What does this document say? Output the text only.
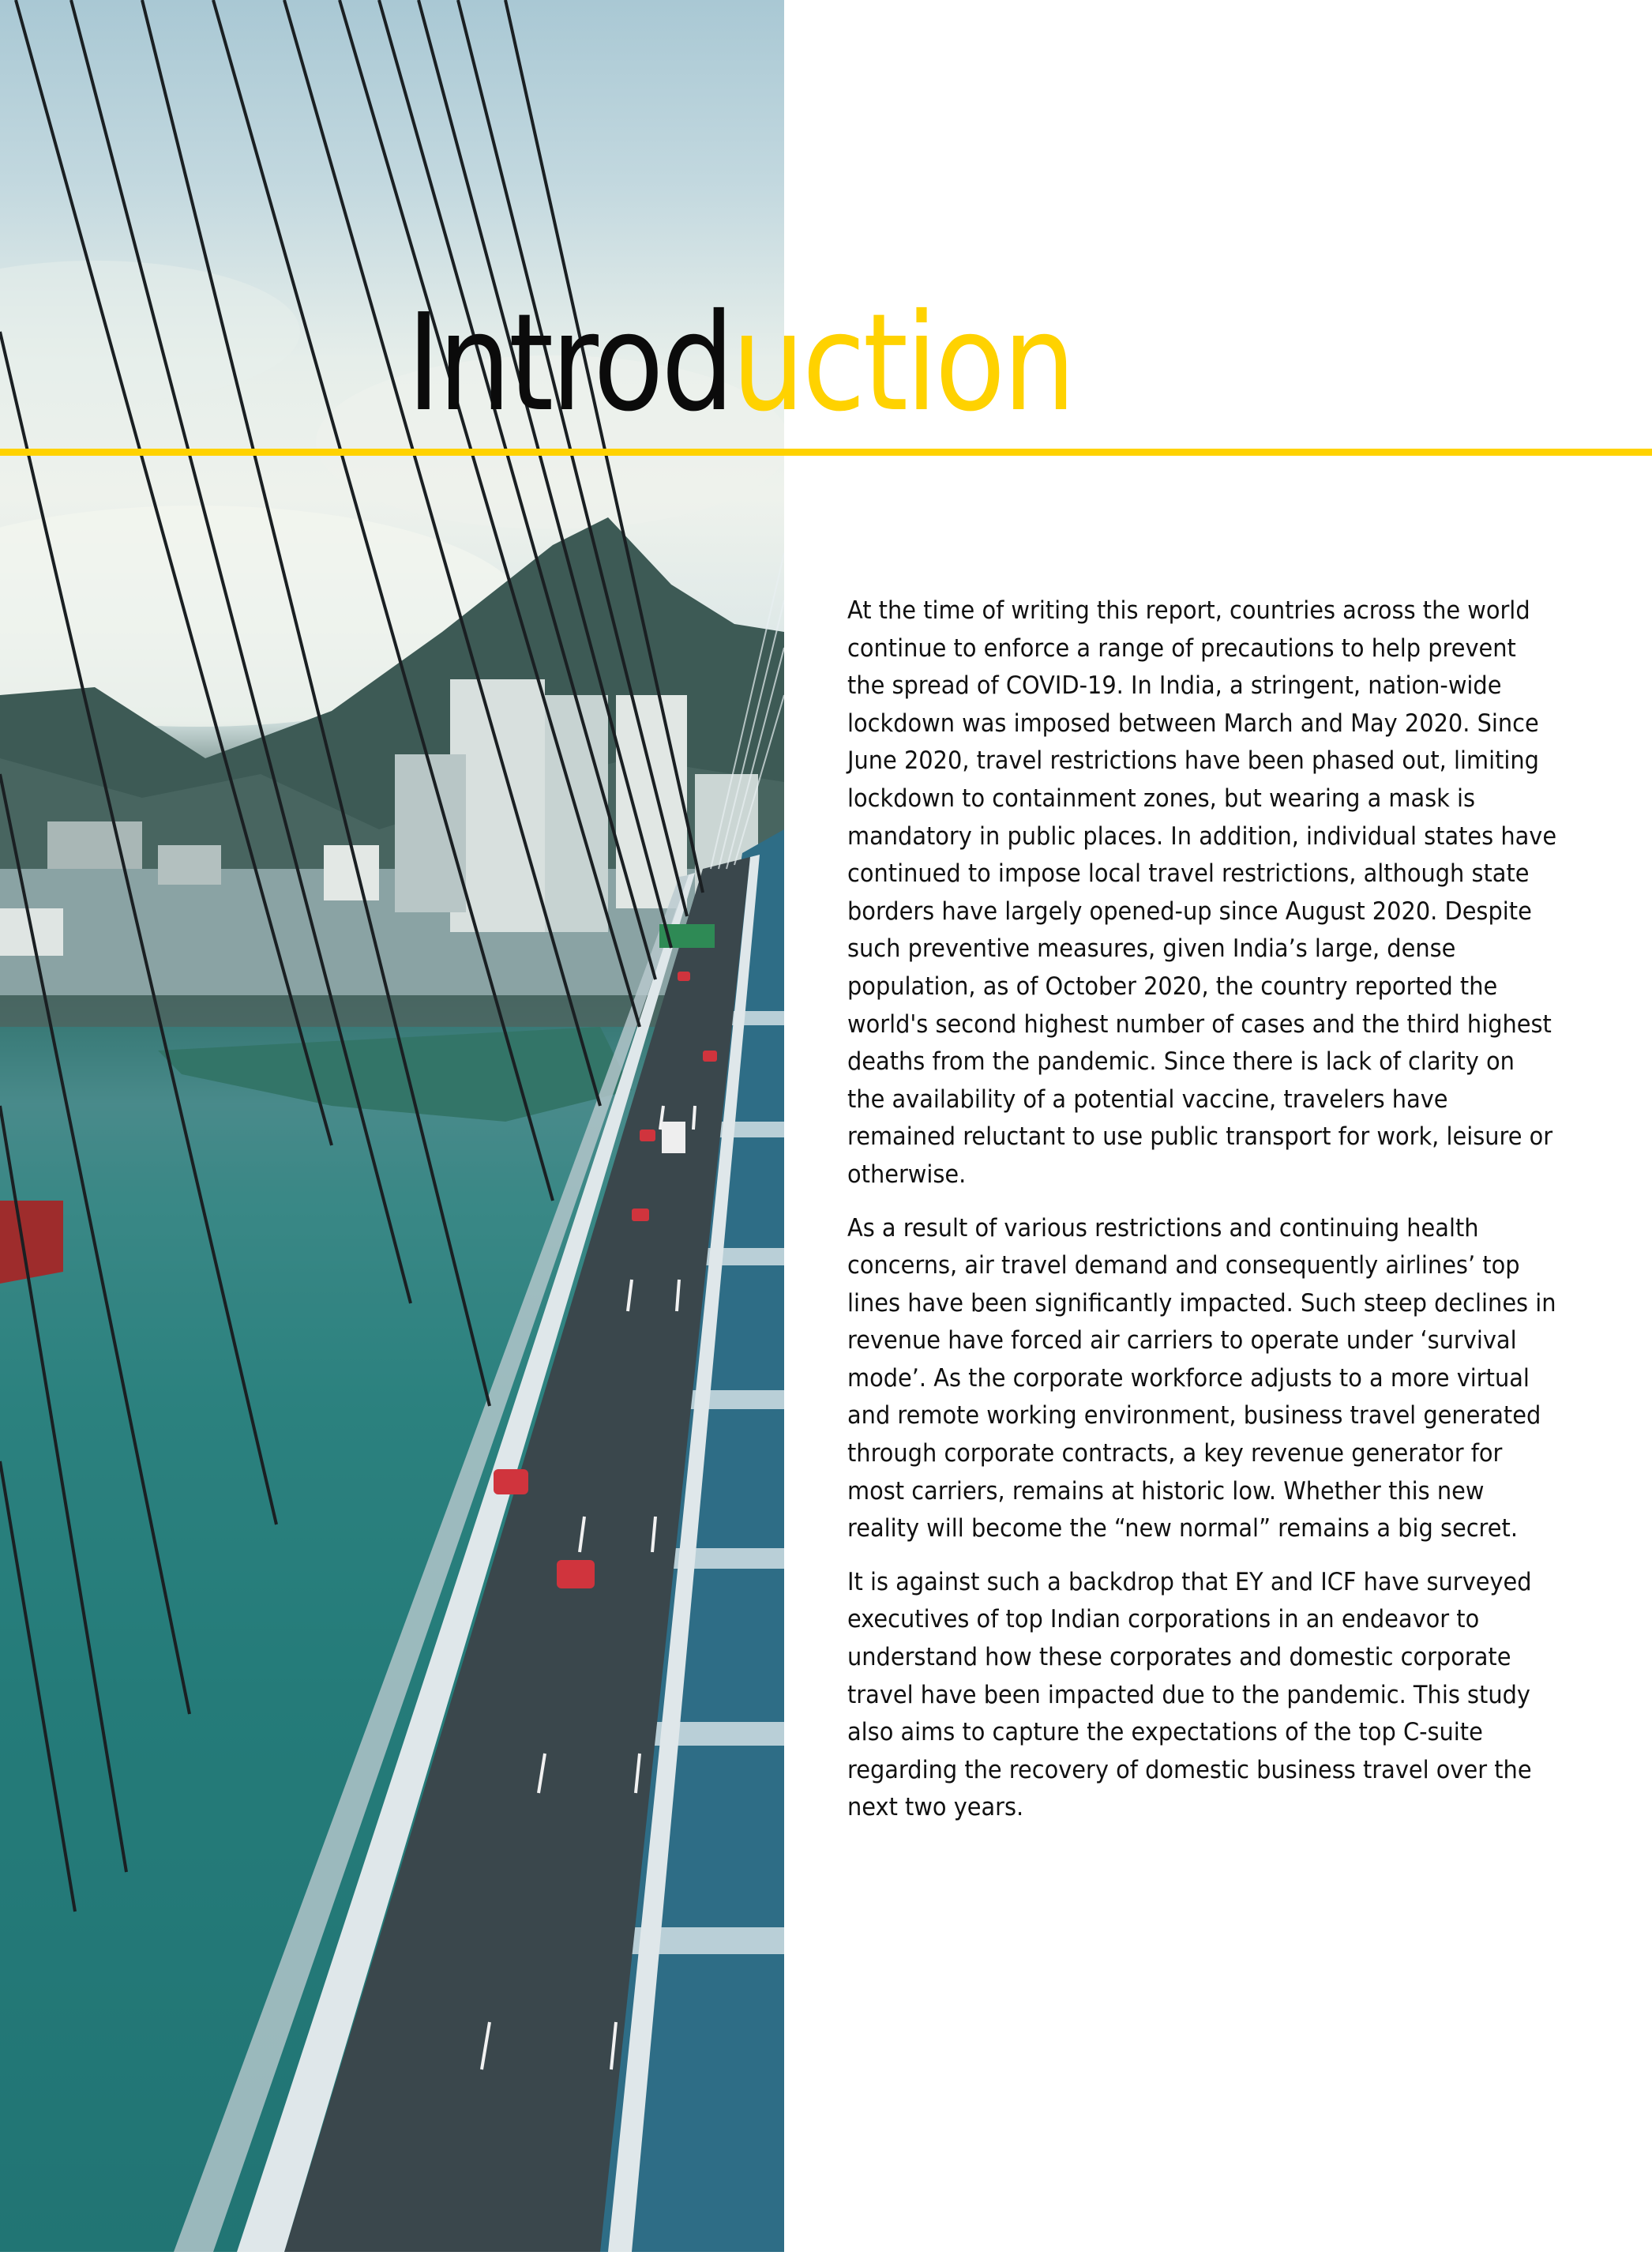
Introduction

At the time of writing this report, countries across the world continue to enforce a range of precautions to help prevent the spread of COVID-19. In India, a stringent, nation-wide lockdown was imposed between March and May 2020. Since June 2020, travel restrictions have been phased out, limiting lockdown to containment zones, but wearing a mask is mandatory in public places. In addition, individual states have continued to impose local travel restrictions, although state borders have largely opened-up since August 2020. Despite such preventive measures, given India’s large, dense population, as of October 2020, the country reported the world's second highest number of cases and the third highest deaths from the pandemic. Since there is lack of clarity on the availability of a potential vaccine, travelers have remained reluctant to use public transport for work, leisure or otherwise.

As a result of various restrictions and continuing health concerns, air travel demand and consequently airlines’ top lines have been significantly impacted. Such steep declines in revenue have forced air carriers to operate under ‘survival mode’. As the corporate workforce adjusts to a more virtual and remote working environment, business travel generated through corporate contracts, a key revenue generator for most carriers, remains at historic low. Whether this new reality will become the “new normal” remains a big secret.

It is against such a backdrop that EY and ICF have surveyed executives of top Indian corporations in an endeavor to understand how these corporates and domestic corporate travel have been impacted due to the pandemic. This study also aims to capture the expectations of the top C-suite regarding the recovery of domestic business travel over the next two years.
